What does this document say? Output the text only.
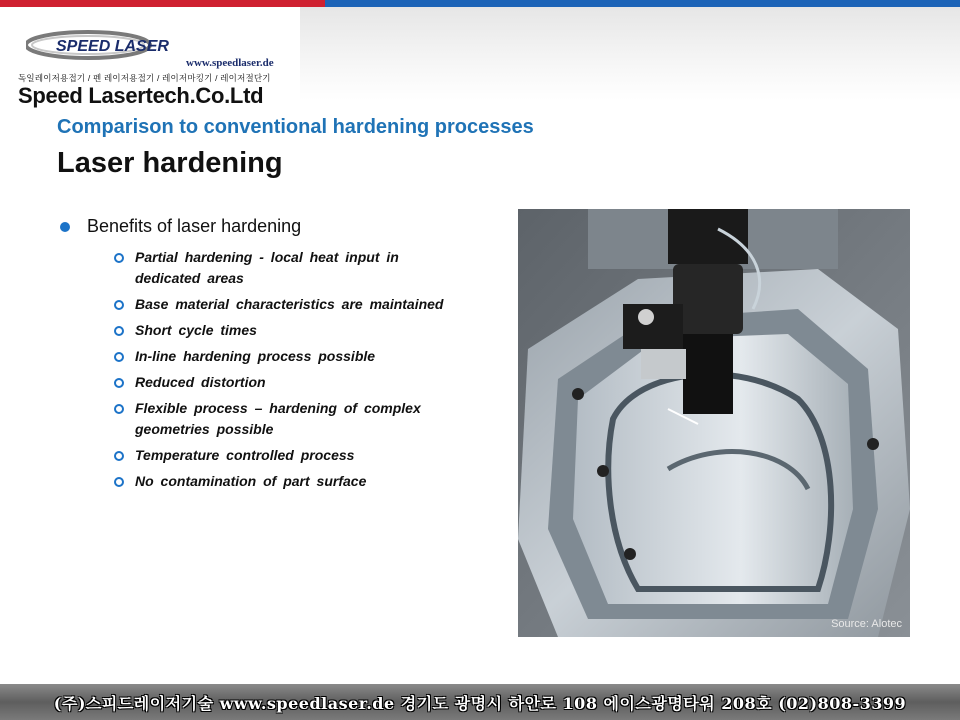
SPEED LASER
www.speedlaser.de
독일레이저용접기 / 펜 레이저용접기 / 레이저마킹기 / 레이저절단기
Speed Lasertech.Co.Ltd
Comparison to conventional hardening processes
Laser hardening
Benefits of laser hardening
Partial hardening - local heat input in dedicated areas
Base material characteristics are maintained
Short cycle times
In-line hardening process possible
Reduced distortion
Flexible process – hardening of complex geometries possible
Temperature controlled process
No contamination of part surface
Source: Alotec
(주)스피드레이저기술 www.speedlaser.de 경기도 광명시 하안로 108 에이스광명타워 208호 (02)808-3399
